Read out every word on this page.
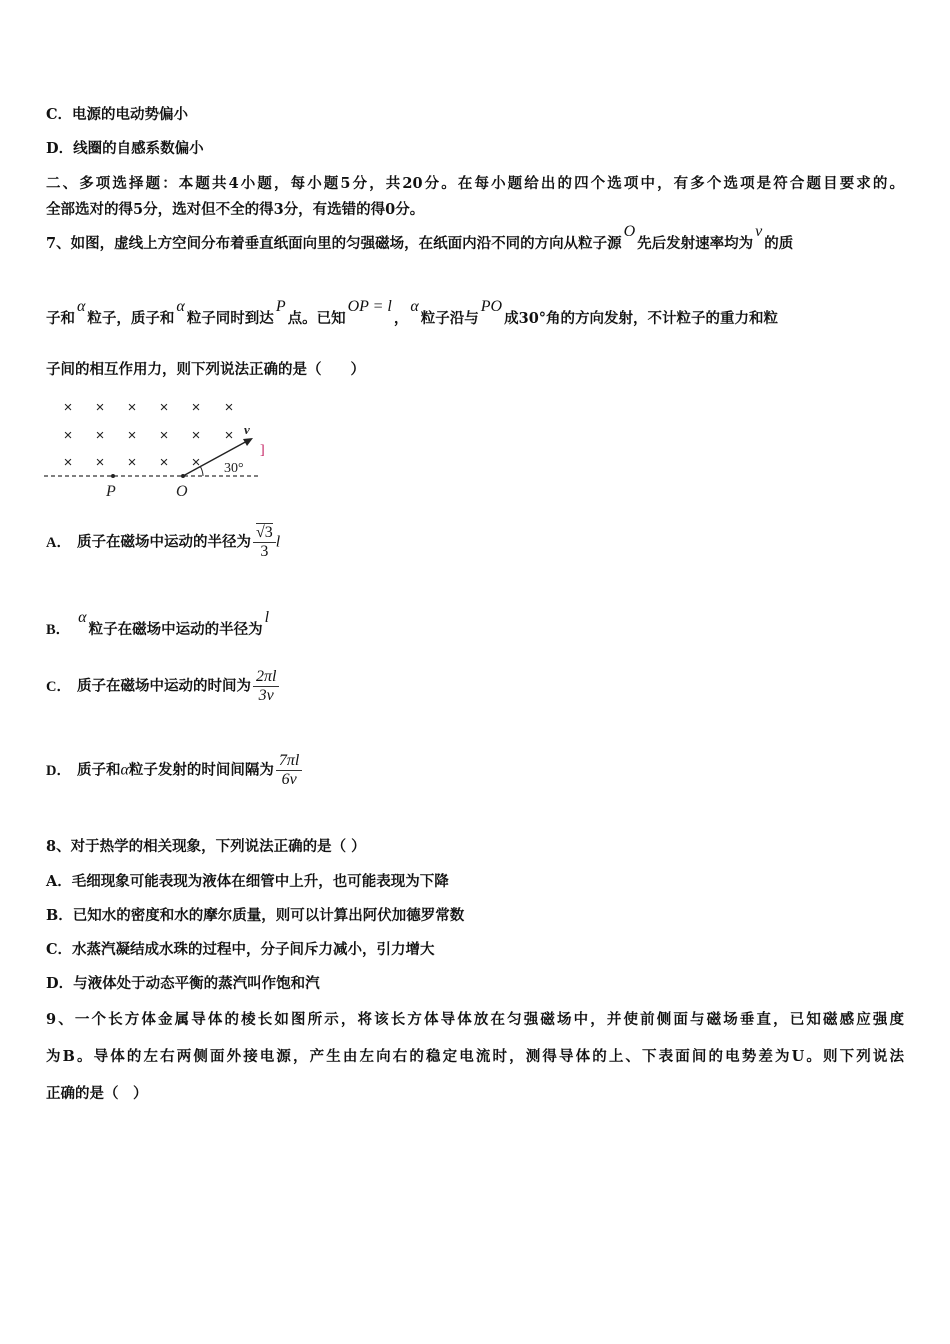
C．电源的电动势偏小
D．线圈的自感系数偏小
二、多项选择题：本题共4小题，每小题5分，共20分。在每小题给出的四个选项中，有多个选项是符合题目要求的。
全部选对的得5分，选对但不全的得3分，有选错的得0分。
7、如图，虚线上方空间分布着垂直纸面向里的匀强磁场，在纸面内沿不同的方向从粒子源O先后发射速率均为v的质
子和α粒子，质子和α粒子同时到达P点。已知OP = l，α粒子沿与PO成30°角的方向发射，不计粒子的重力和粒
子间的相互作用力，则下列说法正确的是（　　）
× × × × × ×
× × × × × ×
× × × × ×
P	O
v
30°
]
A． 质子在磁场中运动的半径为 $\frac{√3}{3}$ l
B．α粒子在磁场中运动的半径为l
C． 质子在磁场中运动的时间为 $\frac{2\pi l}{3v}$
D． 质子和α粒子发射的时间间隔为 $\frac{7\pi l}{6v}$
8、对于热学的相关现象，下列说法正确的是（ ）
A．毛细现象可能表现为液体在细管中上升，也可能表现为下降
B．已知水的密度和水的摩尔质量，则可以计算出阿伏加德罗常数
C．水蒸汽凝结成水珠的过程中，分子间斥力减小，引力增大
D．与液体处于动态平衡的蒸汽叫作饱和汽
9、一个长方体金属导体的棱长如图所示，将该长方体导体放在匀强磁场中，并使前侧面与磁场垂直，已知磁感应强度
为B。导体的左右两侧面外接电源，产生由左向右的稳定电流时，测得导体的上、下表面间的电势差为U。则下列说法
正确的是（　）
